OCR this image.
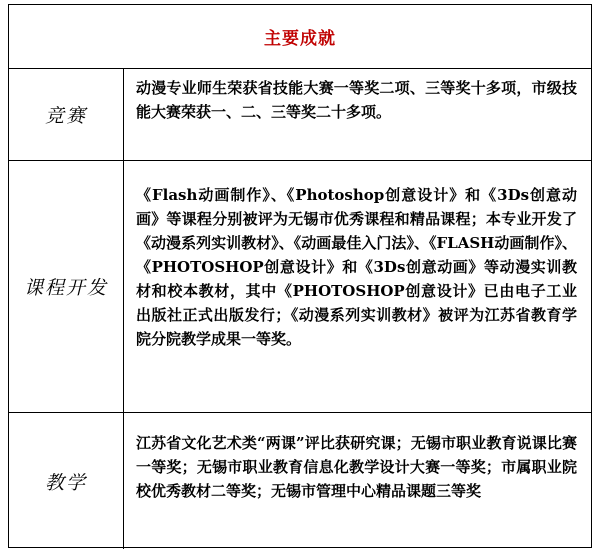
主要成就
竞赛

动漫专业师生荣获省技能大赛一等奖二项、三等奖十多项，市级技能大赛荣获一、二、三等奖二十多项。

课程开发

《Flash动画制作》、《Photoshop创意设计》和《3Ds创意动画》等课程分别被评为无锡市优秀课程和精品课程；本专业开发了《动漫系列实训教材》、《动画最佳入门法》、《FLASH动画制作》、《PHOTOSHOP创意设计》和《3Ds创意动画》等动漫实训教材和校本教材，其中《PHOTOSHOP创意设计》已由电子工业出版社正式出版发行；《动漫系列实训教材》被评为江苏省教育学院分院教学成果一等奖。

教学

江苏省文化艺术类“两课”评比获研究课；无锡市职业教育说课比赛一等奖；无锡市职业教育信息化教学设计大赛一等奖；市属职业院校优秀教材二等奖；无锡市管理中心精品课题三等奖
